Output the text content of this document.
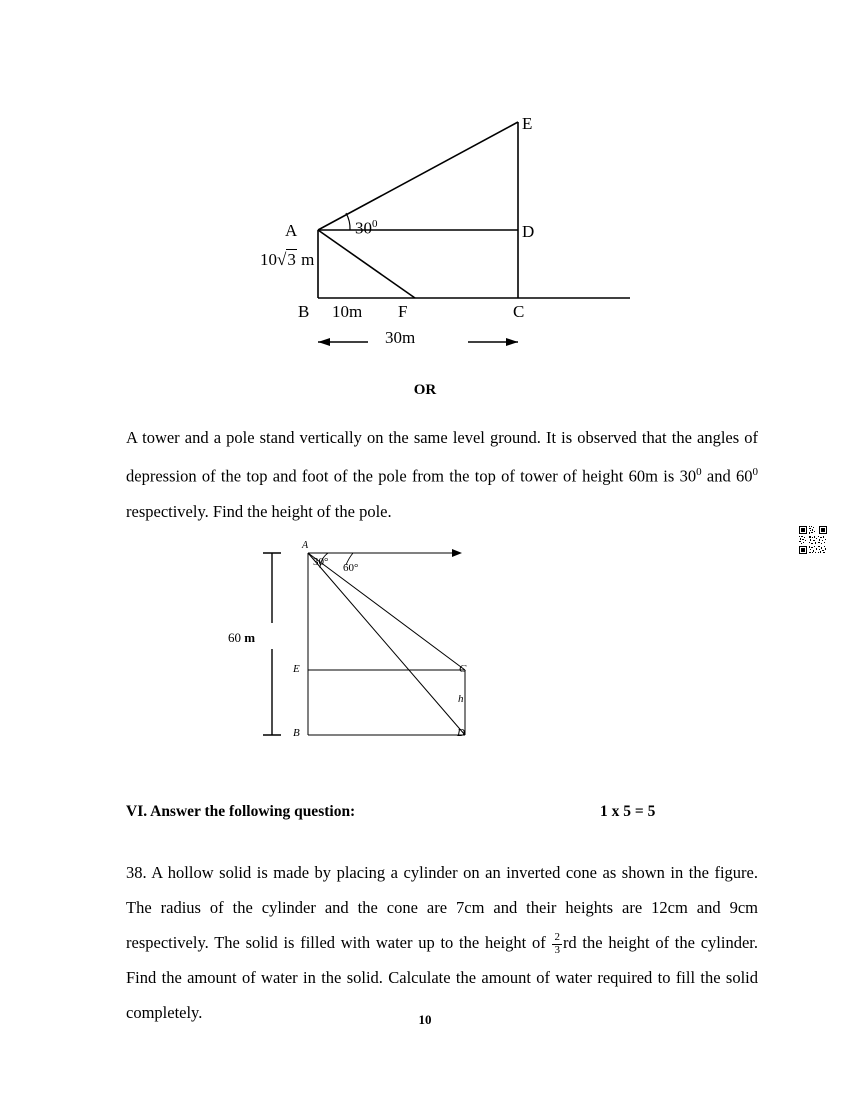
E
D
A	$30^0$
10√3 m
B 10m F	C
30m
OR
A tower and a pole stand vertically on the same level ground. It is observed that the angles of depression of the top and foot of the pole from the top of tower of height 60m is $30^0$ and $60^0$ respectively. Find the height of the pole.
A
30° 60°
E
B
C
D
h
60 m
VI. Answer the following question:	1 x 5 = 5
38. A hollow solid is made by placing a cylinder on an inverted cone as shown in the figure. The radius of the cylinder and the cone are 7cm and their heights are 12cm and 9cm respectively. The solid is filled with water up to the height of $\frac{2}{3}$ rd the height of the cylinder. Find the amount of water in the solid. Calculate the amount of water required to fill the solid completely.	10
